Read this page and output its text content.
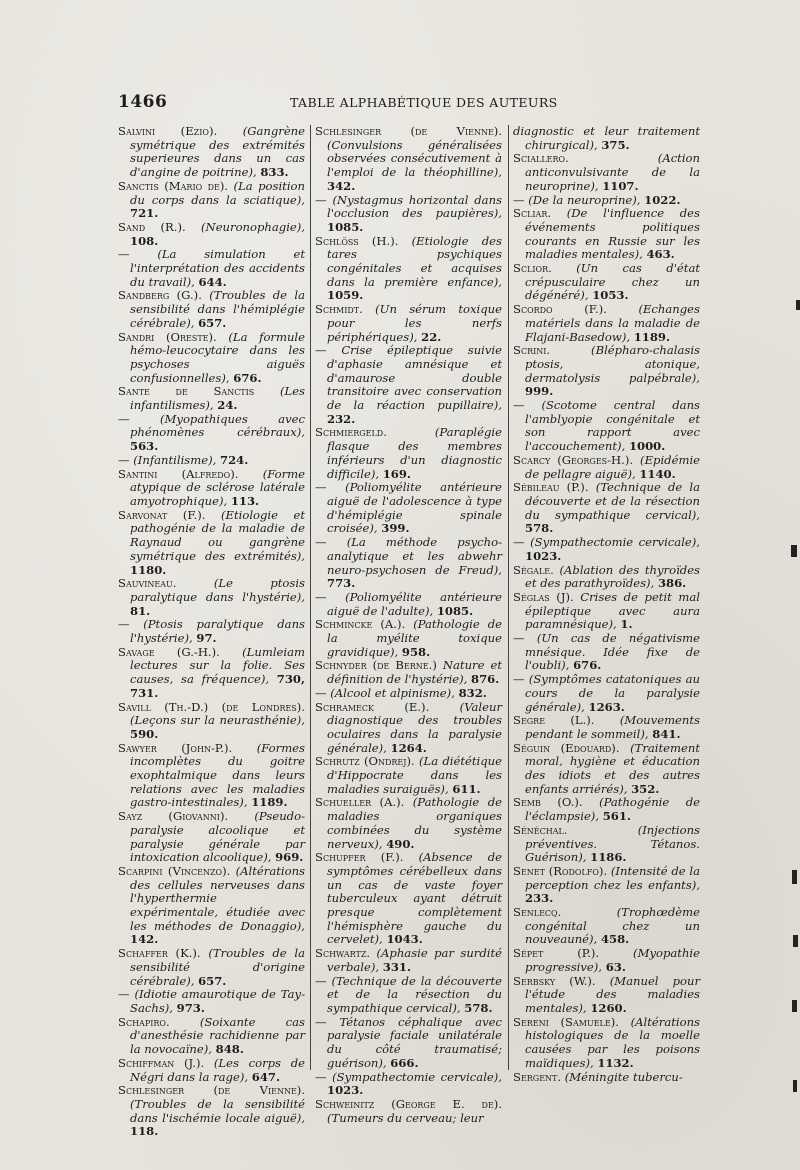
1466	TABLE ALPHABÉTIQUE DES AUTEURS

Salvini (Ezio). (Gangrène symétrique des extrémités superieures dans un cas d'angine de poitrine), 833.

Sanctis (Mario de). (La position du corps dans la sciatique), 721.

Sand (R.). (Neuronophagie), 108.

— (La simulation et l'interprétation des accidents du travail), 644.

Sandberg (G.). (Troubles de la sensibilité dans l'hémiplégie cérébrale), 657.

Sandri (Oreste). (La formule hémo-leucocytaire dans les psychoses aiguës confusionnelles), 676.

Sante de Sanctis (Les infantilismes), 24.

—	(Myopathiques avec phénomènes cérébraux), 563.

— (Infantilisme), 724.

Santini (Alfredo). (Forme atypique de sclérose latérale amyotrophique), 113.

Sarvonat (F.). (Etiologie et pathogénie de la maladie de Raynaud ou gangrène symétrique des extrémités), 1180.

Sauvineau.	(Le ptosis paralytique dans l'hystérie), 81.

— (Ptosis paralytique dans l'hystérie), 97.

Savage (G.-H.). (Lumleiam lectures sur la folie. Ses causes, sa fréquence), 730, 731.

Savill (Th.-D.) (de Londres). (Leçons sur la neurasthénie), 590.

Sawyer (John-P.). (Formes incomplètes du goitre exophtalmique dans leurs relations avec les maladies gastro-intestinales), 1189.

Sayz (Giovanni). (Pseudo-paralysie alcoolique et paralysie générale par intoxication alcoolique), 969.

Scarpini (Vincenzo). (Altérations des cellules nerveuses dans l'hyperthermie expérimentale, étudiée avec les méthodes de Donaggio), 142.

Schaffer (K.). (Troubles de la sensibilité d'origine cérébrale), 657.

— (Idiotie amaurotique de Tay-Sachs), 973.

Schapiro.	(Soixante cas d'anesthésie rachidienne par la novocaïne), 848.

Schiffman (J.). (Les corps de Négri dans la rage), 647.

Schlesinger (de Vienne). (Troubles de la sensibilité dans l'ischémie locale aiguë), 118.

Schlesinger (de Vienne). (Convulsions généralisées observées consécutivement à l'emploi de la théophilline), 342.

— (Nystagmus horizontal dans l'occlusion des paupières), 1085.

Schlöss (H.). (Etiologie des tares psychiques congénitales et acquises dans la première enfance), 1059.

Schmidt. (Un sérum toxique pour les nerfs périphériques), 22.

— Crise épileptique suivie d'aphasie amnésique et d'amaurose double transitoire avec conservation de la réaction pupillaire), 232.

Schmiergeld.	(Paraplégie flasque des membres inférieurs d'un diagnostic difficile), 169.

— (Poliomyélite antérieure aiguë de l'adolescence à type d'hémiplégie spinale croisée), 399.

— (La méthode psycho-analytique et les abwehr neuro-psychosen de Freud), 773.

— (Poliomyélite antérieure aiguë de l'adulte), 1085.

Schmincke (A.). (Pathologie de la myélite toxique gravidique), 958.

Schnyder (de Berne.) Nature et définition de l'hystérie), 876.

— (Alcool et alpinisme), 832.

Schrameck (E.).	(Valeur diagnostique des troubles oculaires dans la paralysie générale), 1264.

Schrutz (Ondrej). (La diététique d'Hippocrate dans les maladies suraiguës), 611.

Schueller (A.). (Pathologie de maladies organiques combinées du système nerveux), 490.

Schupfer (F.). (Absence de symptômes cérébelleux dans un cas de vaste foyer tuberculeux ayant détruit presque complètement l'hémisphère gauche du cervelet), 1043.

Schwartz. (Aphasie par surdité verbale), 331.

— (Technique de la découverte et de la résection du sympathique cervical), 578.

— Tétanos céphalique avec paralysie faciale unilatérale du côté traumatisé; guérison), 666.

— (Sympathectomie cervicale), 1023.

Schweinitz (George E. de). (Tumeurs du cerveau; leur

diagnostic et leur traitement chirurgical), 375.

Sciallero.	(Action anticonvulsivante de la neuroprine), 1107.

— (De la neuroprine), 1022.

Scliar. (De l'influence des événements politiques courants en Russie sur les maladies mentales), 463.

Sclior. (Un cas d'état crépusculaire chez un dégénéré), 1053.

Scordo (F.).	(Echanges matériels dans la maladie de Flajani-Basedow), 1189.

Scrini.	(Blépharo-chalasis ptosis, atonique, dermatolysis palpébrale), 999.

— (Scotome central dans l'amblyopie congénitale et son rapport avec l'accouchement), 1000.

Scarcy (Georges-H.). (Epidémie de pellagre aiguë), 1140.

Sébileau (P.). (Technique de la découverte et de la résection du sympathique cervical), 578.

— (Sympathectomie cervicale), 1023.

Ségale. (Ablation des thyroïdes et des parathyroïdes), 386.

Séglas (J). Crises de petit mal épileptique avec aura paramnésique), 1.

— (Un cas de négativisme mnésique. Idée fixe de l'oubli), 676.

— (Symptômes catatoniques au cours de la paralysie générale), 1263.

Segre (L.). (Mouvements pendant le sommeil), 841.

Séguin (Edouard). (Traitement moral, hygiène et éducation des idiots et des autres enfants arriérés), 352.

Semb (O.). (Pathogénie de l'éclampsie), 561.

Sénéchal.	(Injections préventives. Tétanos. Guérison), 1186.

Senet (Rodolfo). (Intensité de la perception chez les enfants), 233.

Senlecq.	(Trophœdème congénital chez un nouveauné), 458.

Sépet (P.).	(Myopathie progressive), 63.

Serbsky (W.). (Manuel pour l'étude des maladies mentales), 1260.

Sereni (Samuele). (Altérations histologiques de la moelle causées par les poisons maïdiques), 1132.

Sergent. (Méningite tubercu-
